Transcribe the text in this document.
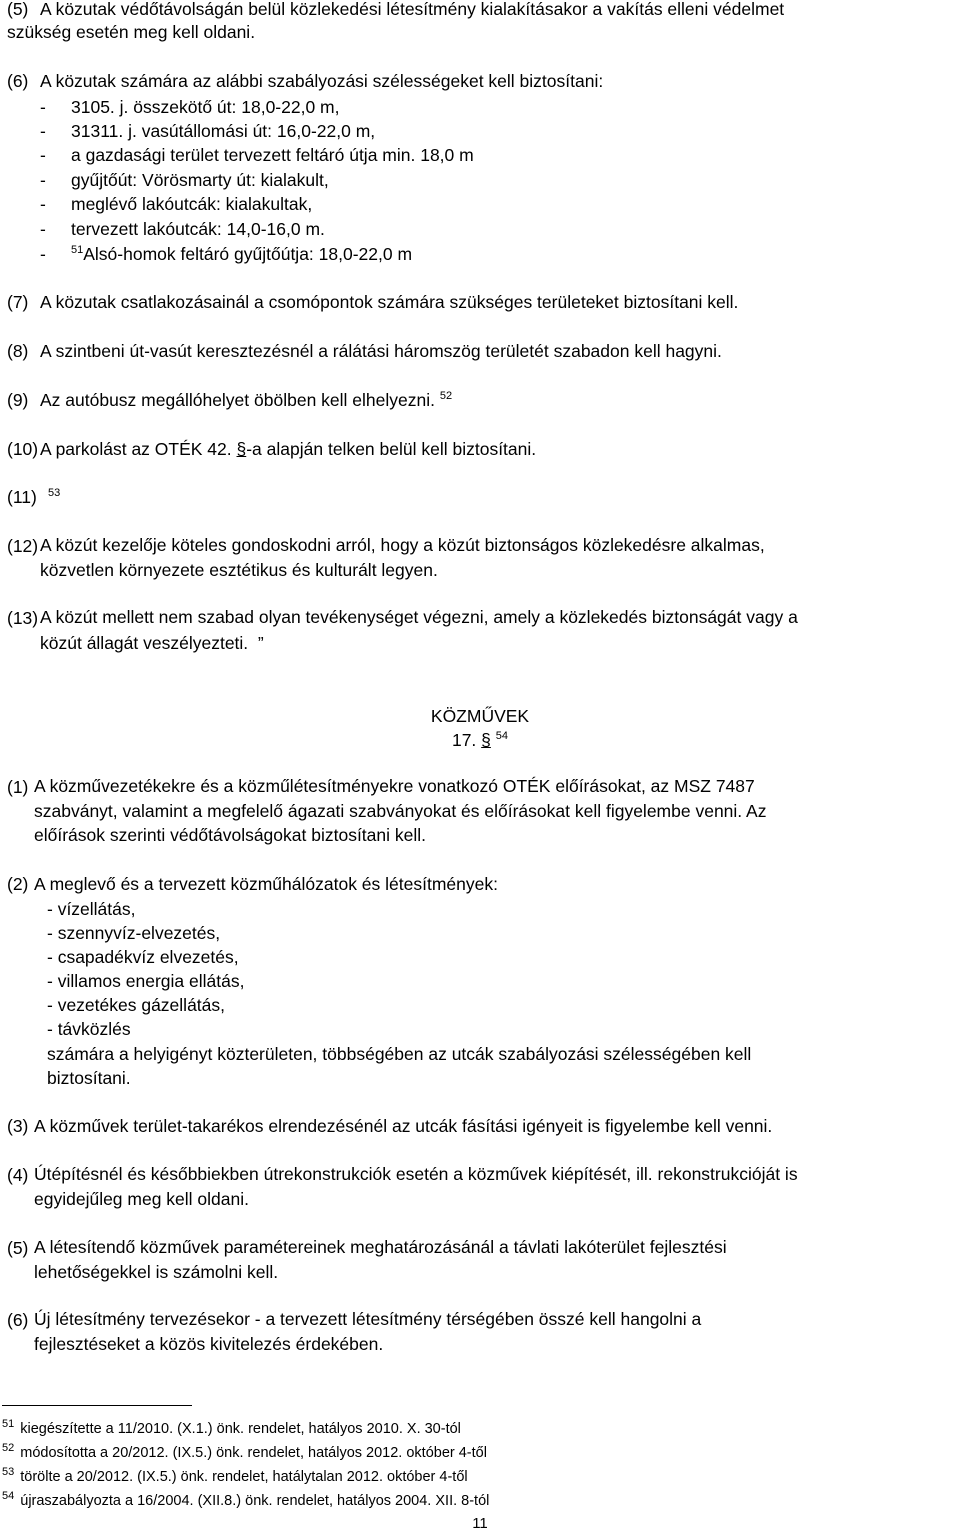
(5) A közutak védőtávolságán belül közlekedési létesítmény kialakításakor a vakítás elleni védelmet
szükség esetén meg kell oldani.
(6) A közutak számára az alábbi szabályozási szélességeket kell biztosítani:
- 3105. j. összekötő út: 18,0-22,0 m,
- 31311. j. vasútállomási út: 16,0-22,0 m,
- a gazdasági terület tervezett feltáró útja min. 18,0 m
- gyűjtőút: Vörösmarty út: kialakult,
- meglévő lakóutcák: kialakultak,
- tervezett lakóutcák: 14,0-16,0 m.
- $^{51}$Alsó-homok feltáró gyűjtőútja: 18,0-22,0 m
(7) A közutak csatlakozásainál a csomópontok számára szükséges területeket biztosítani kell.
(8) A szintbeni út-vasút keresztezésnél a rálátási háromszög területét szabadon kell hagyni.
(9) Az autóbusz megállóhelyet öbölben kell elhelyezni. $^{52}$
(10) A parkolást az OTÉK 42. §-a alapján telken belül kell biztosítani.
(11) $^{53}$
(12) A közút kezelője köteles gondoskodni arról, hogy a közút biztonságos közlekedésre alkalmas,
közvetlen környezete esztétikus és kulturált legyen.
(13) A közút mellett nem szabad olyan tevékenységet végezni, amely a közlekedés biztonságát vagy a
közút állagát veszélyezteti. ”
KÖZMŰVEK
17. § $^{54}$
(1) A közművezetékekre és a közműlétesítményekre vonatkozó OTÉK előírásokat, az MSZ 7487
szabványt, valamint a megfelelő ágazati szabványokat és előírásokat kell figyelembe venni. Az
előírások szerinti védőtávolságokat biztosítani kell.
(2) A meglevő és a tervezett közműhálózatok és létesítmények:
- vízellátás,
- szennyvíz-elvezetés,
- csapadékvíz elvezetés,
- villamos energia ellátás,
- vezetékes gázellátás,
- távközlés
számára a helyigényt közterületen, többségében az utcák szabályozási szélességében kell
biztosítani.
(3) A közművek terület-takarékos elrendezésénél az utcák fásítási igényeit is figyelembe kell venni.
(4) Útépítésnél és későbbiekben útrekonstrukciók esetén a közművek kiépítését, ill. rekonstrukcióját is
egyidejűleg meg kell oldani.
(5) A létesítendő közművek paramétereinek meghatározásánál a távlati lakóterület fejlesztési
lehetőségekkel is számolni kell.
(6) Új létesítmény tervezésekor - a tervezett létesítmény térségében összé kell hangolni a
fejlesztéseket a közös kivitelezés érdekében.
$^{51}$ kiegészítette a 11/2010. (X.1.) önk. rendelet, hatályos 2010. X. 30-tól
$^{52}$ módosította a 20/2012. (IX.5.) önk. rendelet, hatályos 2012. október 4-től
$^{53}$ törölte a 20/2012. (IX.5.) önk. rendelet, hatálytalan 2012. október 4-től
$^{54}$ újraszabályozta a 16/2004. (XII.8.) önk. rendelet, hatályos 2004. XII. 8-tól
11
